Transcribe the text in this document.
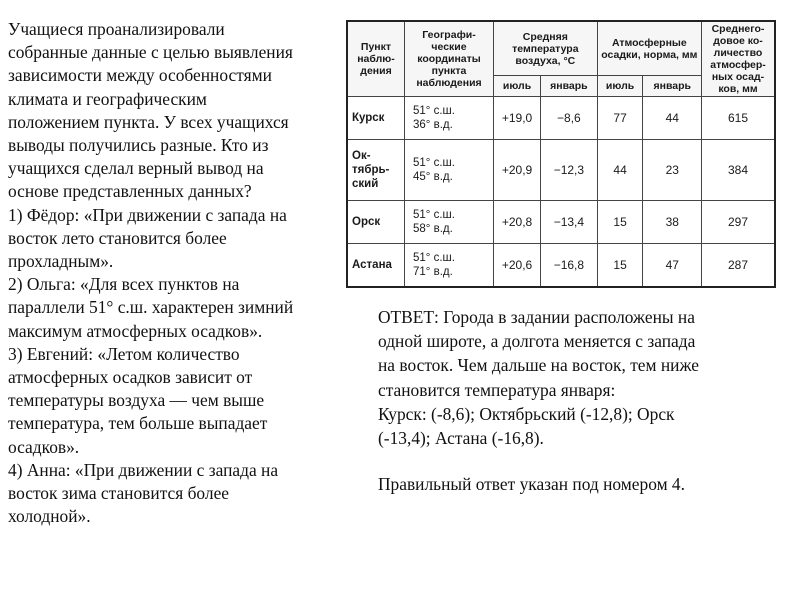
Учащиеся проанализировали
собранные данные с целью выявления
зависимости между особенностями
климата и географическим
положением пункта. У всех учащихся
выводы получились разные. Кто из
учащихся сделал верный вывод на
основе представленных данных?
1) Фёдор: «При движении с запада на
восток лето становится более
прохладным».
2) Ольга: «Для всех пунктов на
параллели 51° с.ш. характерен зимний
максимум атмосферных осадков».
3) Евгений: «Летом количество
атмосферных осадков зависит от
температуры воздуха — чем выше
температура, тем больше выпадает
осадков».
4) Анна: «При движении с запада на
восток зима становится более
холодной».
Пункт наблю-дения	Географи-ческие координаты пункта наблюдения	Средняя температура воздуха, °С		Атмосферные осадки, норма, мм		Среднего-довое ко-личество атмосфер-ных осад-ков, мм
		июль	январь	июль	январь	
Курск	51° с.ш.
36° в.д.	+19,0	−8,6	77	44	615
Ок-тябрь-ский	51° с.ш.
45° в.д.	+20,9	−12,3	44	23	384
Орск	51° с.ш.
58° в.д.	+20,8	−13,4	15	38	297
Астана	51° с.ш.
71° в.д.	+20,6	−16,8	15	47	287
ОТВЕТ: Города в задании расположены на
одной широте, а долгота меняется с запада
на восток. Чем дальше на восток, тем ниже
становится температура января:
Курск: (-8,6); Октябрьский (-12,8); Орск
(-13,4); Астана (-16,8).
Правильный ответ указан под номером 4.
